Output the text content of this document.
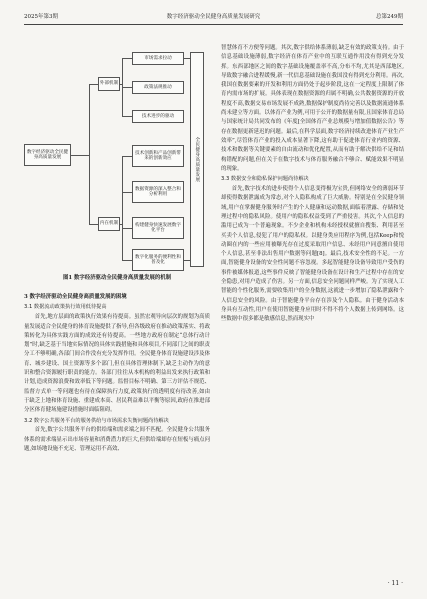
2025年第3期	数字经济驱动全民健身高质量发展研究	总第249期
数字经济驱动全民健身高质量发展
外部机制
内在机制
市场需求拉动
政策法规推动
技术进步的驱动
技术创新和产品创新带来的创新效应
数据资源的深入整合和分析利用
构建健身快速发展数字化平台
数字化服务的便利性和普及化
全民健身高质量发展
图1 数字经济驱动全民健身高质量发展的机制

3 数字经济驱动全民健身高质量发展的困境

3.1 数据流动政策执行效用低待提高

首先,地方层面的政策执行效果有待提高。虽然宏观导向层次的规划为高质量发展适合全民健身的体育设施提供了指导,但各级政府在推动政策落实、将政策转化为具体实践方面的成效还有待提高。一些地方政府在制定“总体行动计划”时,缺乏基于当地实际情况的具体实践措施和具体项目,不同部门之间的职责分工不够明确,各部门间合作没有充分发挥作用。全民健身体育设施建设涉及体育、城乡建设、国土资源等多个部门,但在具体管理体制下,缺乏主动作为的意识和整合资源履行职责的能力。各部门往往从本机构的利益出发来执行政策和计划,造成资源浪费和效率低下等问题。监督目标不明确、第三方评估不规范、监督方式单一等问题也有待在保障执行力度,政策执行的透明度有待改善,如由于缺乏上地和体育设施、重建成本高、居民利益难以平衡等原因,政府在推进部分区体育健场施建设措施时面临阻碍。

3.2 数字公共服务平台的服务供给与市场需求失衡问题尚待解决

首先,数字公共服务平台的供给端和需求端之间不匹配。全民健身公共服务体系的需求端显示出市场容量和消费潜力的巨大,但供给端却存在短板与痛点问题,如场地设施不充足、管理运用不高效、

智慧体育不方便等问题。其次,数字供给体系薄弱,缺乏有效的政策支持。由于信息基础设施薄弱,数字经济在体育产业中的互联互通作用没有得到充分发挥。东西部地区之间的数字基础设施覆盖率不高,分布不均,尤其是西部地区,导致数字融合进程缓慢,新一代信息基础设施在我国没有得到充分利用。再次,我国在数据要素的开发和利用方面仍处于起步阶段,这在一定程度上限制了体育内需市场的扩展。具体表现在数据资源的归属不明确,公共数据资源的开放程度不高,数据交易市场发展不成熟,数据保护制度尚待完善以及数据流通体系尚未建立等方面。以体育产业为例,可用于公开的数据量有限,且国家体育总局与国家统计局共同发布的《年度[全国体育产业总规模与增加值数据公告》等存在数据更新延迟的问题。最后,在科学层面,数字经济持续改进体育产业生产效率”,尽管体育产业的投入成本显著下降,这有助于促进体育行业内的资源、技术和数据等关键要素的自由流动和优化配置,从而有助于解决供给不足和结构错配的问题,但在关于在数字技术与体育服务融合不够合、赋能效果不明显的现象。

3.3 数据安全和隐私保护问题尚待解决

首先,数字技术的进步使得个人信息变得极为宝贵,但网络安全的薄弱环节却使得数据泄露成为常态,对个人隐私构成了巨大威胁。特别是在全民健身领域,用户在掌握健身服务时产生的个人健康和运动数据,面临着泄露、存储和处理过程中的隐私风险。使用户的隐私权益受到了严重侵害。其次,个人信息的滥用已成为一个普遍现象。不少企业和机构未经授权就擅自搜集、利用甚至买卖个人信息,侵犯了用户的隐私权。以健身类应用程序为例,包括Keep和悦动圈在内的一些应用被曝光存在过度采取用户信息、未经用户同意擅自使用个人信息,甚至非法出售用户数据等问题[8]。最后,技术安全性的不足。一方面,智能健身设备的安全性问题不容忽视。多起智能健身设备导致用户受伤的事件被媒体报道,这些事件反映了智能健身设备在设计和生产过程中存在的安全隐患,对用户造成了伤害。另一方面,信息安全问题同样严峻。为了实现人工智能的个性化服务,需要收集用户的全身数据,这就进一步增加了隐私泄露和个人信息安全的风险。由于智能健身平台存在涉及个人隐私。由于健身活动本身具有互动性,用户在使用智能健身应用时不得不将个人数据上传到网络。这些数据中很多都是敏感信息,然而现实中

· 11 ·
